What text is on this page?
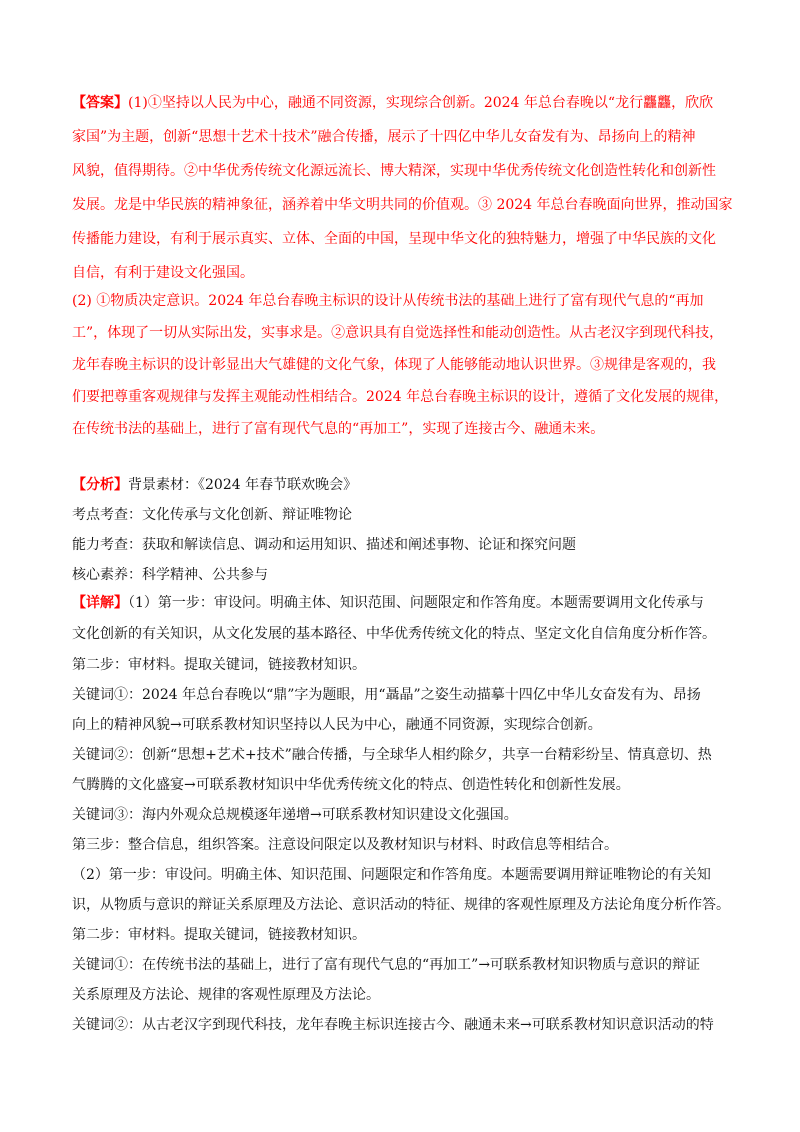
【答案】(1)①坚持以人民为中心，融通不同资源，实现综合创新。2024 年总台春晚以“龙行龘龘，欣欣
家国”为主题，创新“思想十艺术十技术”融合传播，展示了十四亿中华儿女奋发有为、昂扬向上的精神
风貌，值得期待。②中华优秀传统文化源远流长、博大精深，实现中华优秀传统文化创造性转化和创新性
发展。龙是中华民族的精神象征，涵养着中华文明共同的价值观。③ 2024 年总台春晚面向世界，推动国家
传播能力建设，有利于展示真实、立体、全面的中国，呈现中华文化的独特魅力，增强了中华民族的文化
自信，有利于建设文化强国。
(2) ①物质决定意识。2024 年总台春晚主标识的设计从传统书法的基础上进行了富有现代气息的“再加
工”，体现了一切从实际出发，实事求是。②意识具有自觉选择性和能动创造性。从古老汉字到现代科技，
龙年春晚主标识的设计彰显出大气雄健的文化气象，体现了人能够能动地认识世界。③规律是客观的，我
们要把尊重客观规律与发挥主观能动性相结合。2024 年总台春晚主标识的设计，遵循了文化发展的规律，
在传统书法的基础上，进行了富有现代气息的“再加工”，实现了连接古今、融通未来。
【分析】背景素材：《2024 年春节联欢晚会》
考点考查：文化传承与文化创新、辩证唯物论
能力考查：获取和解读信息、调动和运用知识、描述和阐述事物、论证和探究问题
核心素养：科学精神、公共参与
【详解】（1）第一步：审设问。明确主体、知识范围、问题限定和作答角度。本题需要调用文化传承与
文化创新的有关知识，从文化发展的基本路径、中华优秀传统文化的特点、坚定文化自信角度分析作答。
第二步：审材料。提取关键词，链接教材知识。
关键词①：2024 年总台春晚以“鼎”字为题眼，用“聶晶”之姿生动描摹十四亿中华儿女奋发有为、昂扬
向上的精神风貌→可联系教材知识坚持以人民为中心，融通不同资源，实现综合创新。
关键词②：创新“思想+艺术+技术”融合传播，与全球华人相约除夕，共享一台精彩纷呈、情真意切、热
气腾腾的文化盛宴→可联系教材知识中华优秀传统文化的特点、创造性转化和创新性发展。
关键词③：海内外观众总规模逐年递增→可联系教材知识建设文化强国。
第三步：整合信息，组织答案。注意设问限定以及教材知识与材料、时政信息等相结合。
（2）第一步：审设问。明确主体、知识范围、问题限定和作答角度。本题需要调用辩证唯物论的有关知
识，从物质与意识的辩证关系原理及方法论、意识活动的特征、规律的客观性原理及方法论角度分析作答。
第二步：审材料。提取关键词，链接教材知识。
关键词①：在传统书法的基础上，进行了富有现代气息的“再加工”→可联系教材知识物质与意识的辩证
关系原理及方法论、规律的客观性原理及方法论。
关键词②：从古老汉字到现代科技，龙年春晚主标识连接古今、融通未来→可联系教材知识意识活动的特
